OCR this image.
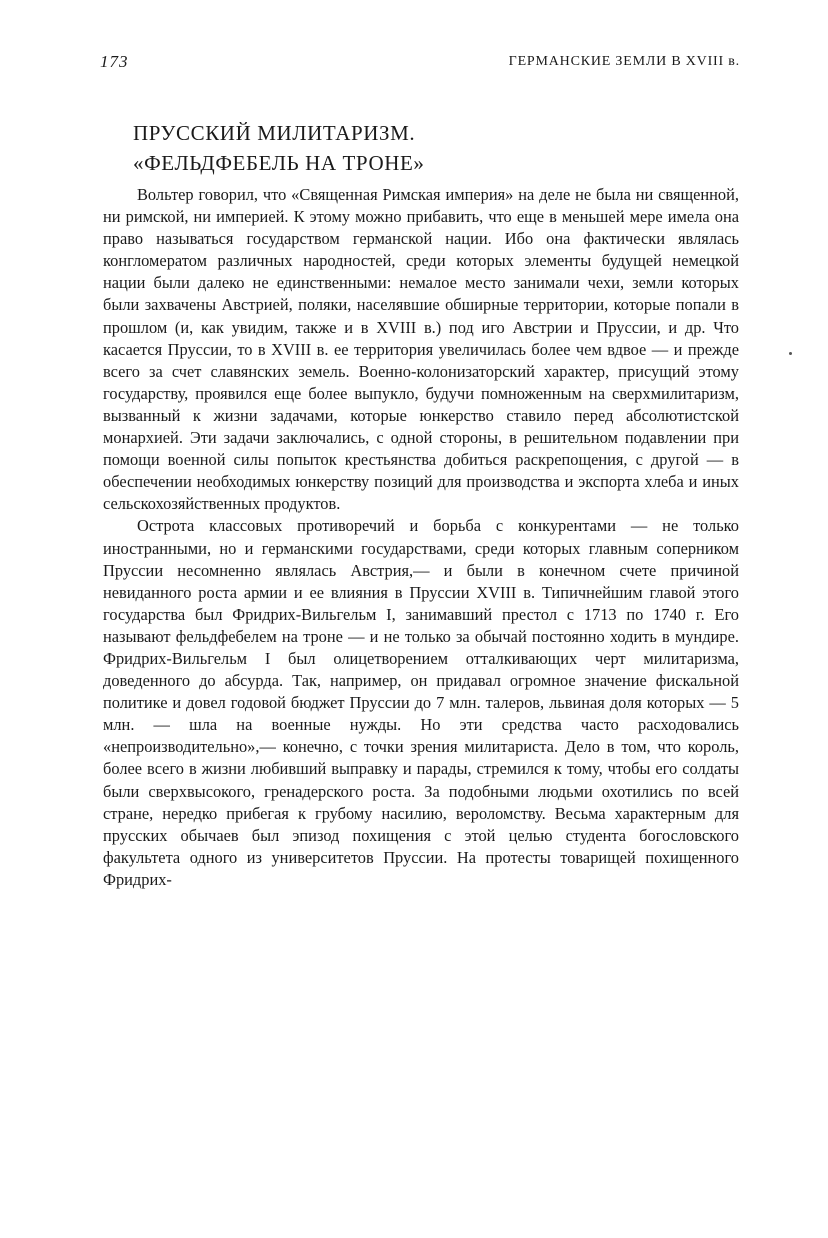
173	ГЕРМАНСКИЕ ЗЕМЛИ В XVIII в.
ПРУССКИЙ МИЛИТАРИЗМ.
«ФЕЛЬДФЕБЕЛЬ НА ТРОНЕ»

Вольтер говорил, что «Священная Римская империя» на деле не была ни священной, ни римской, ни империей. К этому можно прибавить, что еще в меньшей мере имела она право называться государством германской нации. Ибо она фактически являлась конгломератом различных народностей, среди которых элементы будущей немецкой нации были далеко не единственными: немалое место занимали чехи, земли которых были захвачены Австрией, поляки, населявшие обширные территории, которые попали в прошлом (и, как увидим, также и в XVIII в.) под иго Австрии и Пруссии, и др. Что касается Пруссии, то в XVIII в. ее территория увеличилась более чем вдвое — и прежде всего за счет славянских земель. Военно-колонизаторский характер, присущий этому государству, проявился еще более выпукло, будучи помноженным на сверхмилитаризм, вызванный к жизни задачами, которые юнкерство ставило перед абсолютистской монархией. Эти задачи заключались, с одной стороны, в решительном подавлении при помощи военной силы попыток крестьянства добиться раскрепощения, с другой — в обеспечении необходимых юнкерству позиций для производства и экспорта хлеба и иных сельскохозяйственных продуктов.

Острота классовых противоречий и борьба с конкурентами — не только иностранными, но и германскими государствами, среди которых главным соперником Пруссии несомненно являлась Австрия,— и были в конечном счете причиной невиданного роста армии и ее влияния в Пруссии XVIII в. Типичнейшим главой этого государства был Фридрих-Вильгельм I, занимавший престол с 1713 по 1740 г. Его называют фельдфебелем на троне — и не только за обычай постоянно ходить в мундире. Фридрих-Вильгельм I был олицетворением отталкивающих черт милитаризма, доведенного до абсурда. Так, например, он придавал огромное значение фискальной политике и довел годовой бюджет Пруссии до 7 млн. талеров, львиная доля которых — 5 млн. — шла на военные нужды. Но эти средства часто расходовались «непроизводительно»,— конечно, с точки зрения милитариста. Дело в том, что король, более всего в жизни любивший выправку и парады, стремился к тому, чтобы его солдаты были сверхвысокого, гренадерского роста. За подобными людьми охотились по всей стране, нередко прибегая к грубому насилию, вероломству. Весьма характерным для прусских обычаев был эпизод похищения с этой целью студента богословского факультета одного из университетов Пруссии. На протесты товарищей похищенного Фридрих-
